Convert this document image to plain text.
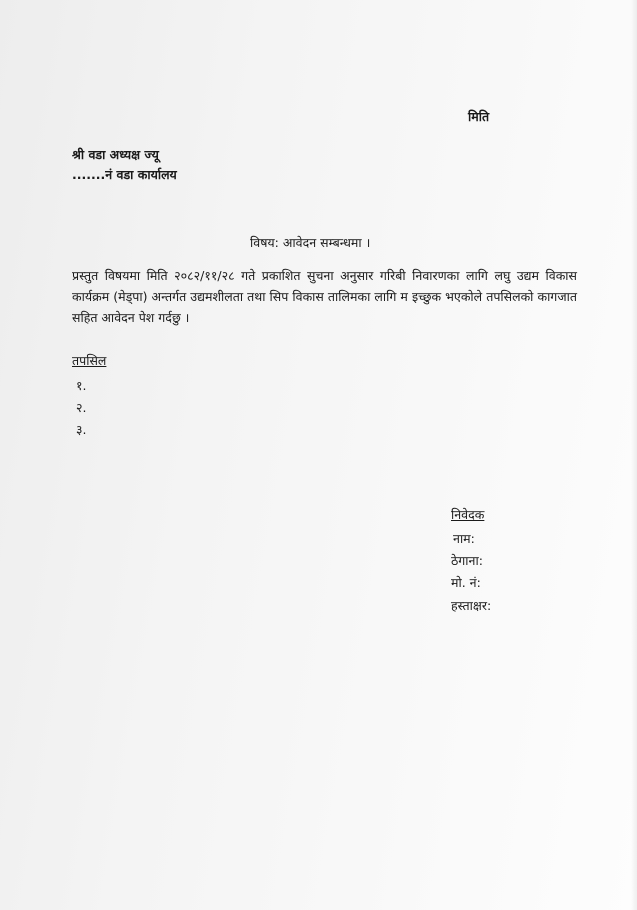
मिति
श्री वडा अध्यक्ष ज्यू
.......नं वडा कार्यालय
विषय: आवेदन सम्बन्धमा ।
प्रस्तुत विषयमा मिति २०८२/११/२८ गते प्रकाशित सुचना अनुसार गरिबी निवारणका लागि लघु उद्यम विकास कार्यक्रम (मेड्पा) अन्तर्गत उद्यमशीलता तथा सिप विकास तालिमका लागि म इच्छुक भएकोले तपसिलको कागजात सहित आवेदन पेश गर्दछु ।
तपसिल
१.
२.
३.
निवेदक
नाम:
ठेगाना:
मो. नं:
हस्ताक्षर:
